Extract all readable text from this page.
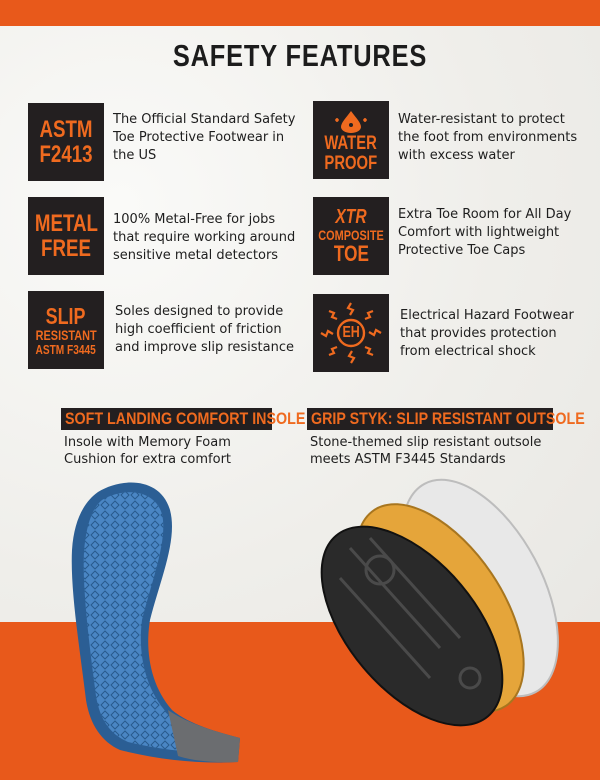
SAFETY FEATURES
ASTM
F2413
The Official Standard Safety Toe Protective Footwear in the US
WATER
PROOF
Water-resistant to protect the foot from environments with excess water
METAL
FREE
100% Metal-Free for jobs that require working around sensitive metal detectors
XTR
COMPOSITE
TOE
Extra Toe Room for All Day Comfort with lightweight Protective Toe Caps
SLIP
RESISTANT
ASTM F3445
Soles designed to provide high coefficient of friction and improve slip resistance
EH
Electrical Hazard Footwear that provides protection from electrical shock
SOFT LANDING COMFORT INSOLE
Insole with Memory Foam Cushion for extra comfort
GRIP STYK: SLIP RESISTANT OUTSOLE
Stone-themed slip resistant outsole meets ASTM F3445 Standards
